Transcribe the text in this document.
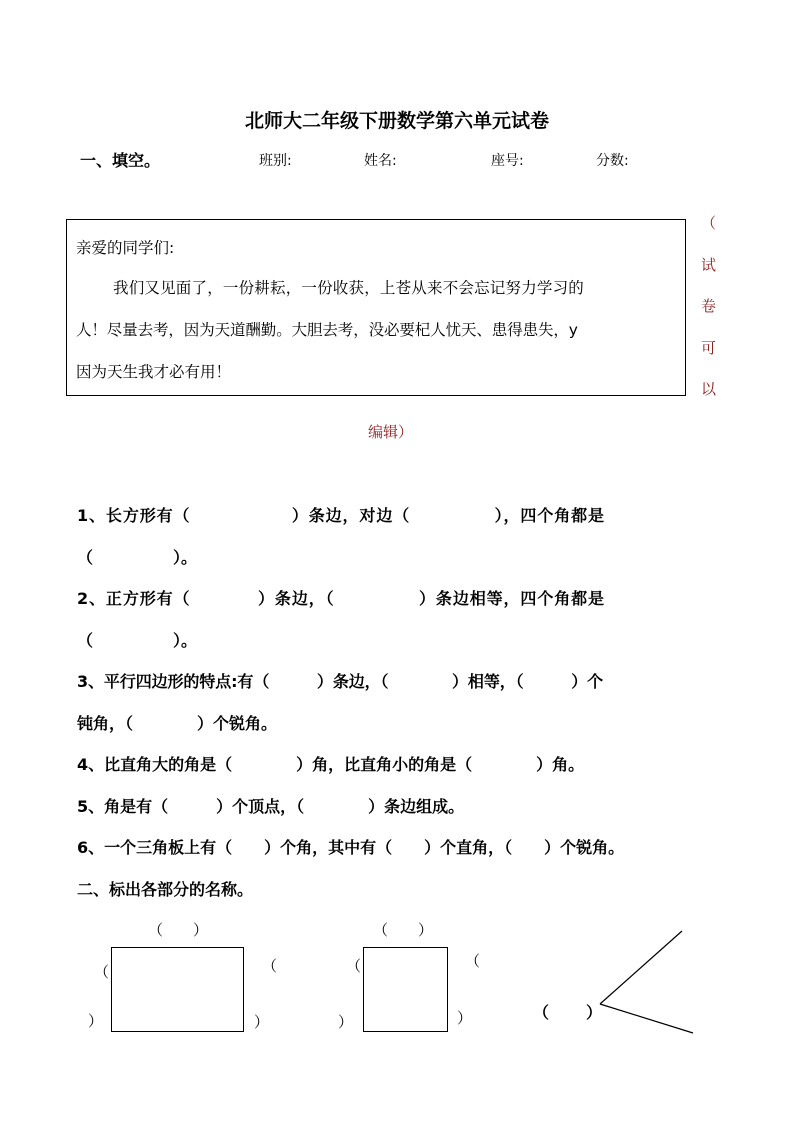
北师大二年级下册数学第六单元试卷
一、填空。	班别:	姓名:	座号:	分数:

亲爱的同学们:

我们又见面了，一份耕耘，一份收获，上苍从来不会忘记努力学习的

人！尽量去考，因为天道酬勤。大胆去考，没必要杞人忧天、患得患失，y

因为天生我才必有用！

（
试
卷
可
以
编辑）
1、长方形有（　　　　　　）条边，对边（　　　　　），四个角都是
（　　　　　）。
2、正方形有（　　　　）条边，（　　　　　）条边相等，四个角都是
（　　　　　）。
3、平行四边形的特点:有（　　　）条边，（　　　　）相等，（　　　）个
钝角，（　　　　）个锐角。
4、比直角大的角是（　　　　）角，比直角小的角是（　　　　）角。
5、角是有（　　　）个顶点，（　　　　）条边组成。
6、一个三角板上有（　　）个角，其中有（　　）个直角，（　　）个锐角。
二、标出各部分的名称。
（　　）
（
）
（
）
（　　）
（
）
（
）	（ ）
